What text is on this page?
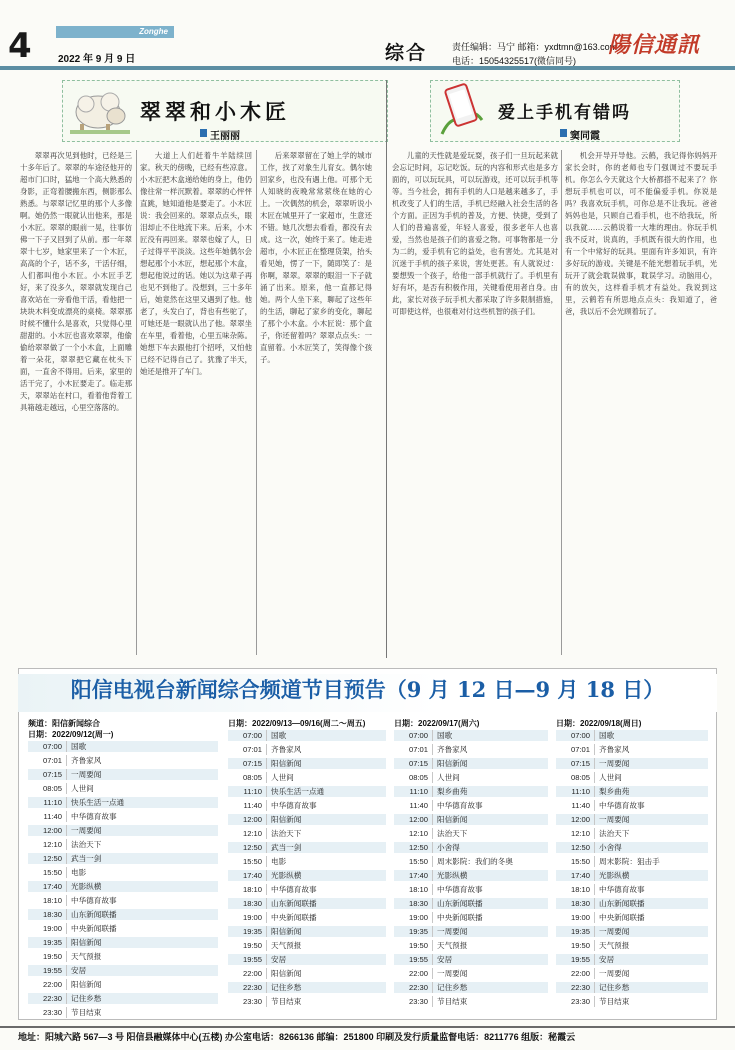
4	Zonghe
2022 年 9 月 9 日	综合	责任编辑：马宁 邮箱：yxdtmn@163.com
电话：15054325517(微信同号)
陽信通訊
翠翠和小木匠
王丽丽

翠翠再次见到他时，已经是三十多年后了。翠翠的车途径他开的超市门口时，猛地一个高大熟悉的身影，正弯着腰搬东西，侧影那么熟悉。与翠翠记忆里的那个人多像啊。她仍然一眼就认出他来，那是小木匠。翠翠的眼前一晃，往事仿佛一下子又回到了从前。那一年翠翠十七岁，她家里来了一个木匠，高高的个子，话不多，干活仔细，人们都叫他小木匠。小木匠手艺好，来了没多久，翠翠就发现自己喜欢站在一旁看他干活，看他把一块块木料变成漂亮的桌椅。翠翠那时候不懂什么是喜欢，只觉得心里甜甜的。小木匠也喜欢翠翠，他偷偷给翠翠做了一个小木盒，上面雕着一朵花，翠翠把它藏在枕头下面，一直舍不得用。后来，家里的活干完了，小木匠要走了。临走那天，翠翠站在村口，看着他背着工具箱越走越远，心里空落落的。

大道上人们赶着牛羊陆续回家。秋天的傍晚，已经有些凉意。小木匠把木盒递给她的身上，他仍像往常一样沉默着。翠翠的心怦怦直跳，她知道他是要走了。小木匠说：我会回来的。翠翠点点头，眼泪却止不住地流下来。后来，小木匠没有再回来。翠翠也嫁了人，日子过得平平淡淡。这些年她偶尔会想起那个小木匠，想起那个木盒，想起他说过的话。她以为这辈子再也见不到他了。没想到，三十多年后，她竟然在这里又遇到了他。他老了，头发白了，背也有些驼了，可她还是一眼就认出了他。翠翠坐在车里，看着他，心里五味杂陈。她想下车去跟他打个招呼，又怕他已经不记得自己了。犹豫了半天，她还是推开了车门。

后来翠翠留在了她上学的城市工作，找了对象生儿育女。偶尔她回家乡，也没有遇上他。可那个无人知晓的夜晚常常萦绕在她的心上。一次偶然的机会，翠翠听说小木匠在城里开了一家超市，生意还不错。她几次想去看看，都没有去成。这一次，她终于来了。她走进超市，小木匠正在整理货架，抬头看见她，愣了一下，随即笑了：是你啊，翠翠。翠翠的眼泪一下子就涌了出来。原来，他一直都记得她。两个人坐下来，聊起了这些年的生活，聊起了家乡的变化，聊起了那个小木盒。小木匠说：那个盒子，你还留着吗？翠翠点点头：一直留着。小木匠笑了，笑得像个孩子。

爱上手机有错吗
窦同霞

儿童的天性就是爱玩耍，孩子们一旦玩起来就会忘记时间，忘记吃饭。玩的内容和形式也是多方面的，可以玩玩具，可以玩游戏，还可以玩手机等等。当今社会，拥有手机的人口是越来越多了，手机改变了人们的生活，手机已经融入社会生活的各个方面。正因为手机的普及，方便、快捷，受到了人们的普遍喜爱，年轻人喜爱，很多老年人也喜爱，当然也是孩子们的喜爱之物。可事物都是一分为二的，爱手机有它的益处，也有害处。尤其是对沉迷于手机的孩子来说，害处更甚。有人就说过：要想毁一个孩子，给他一部手机就行了。手机里有好有坏，是否有积极作用，关键看使用者自身。由此，家长对孩子玩手机大都采取了许多限制措施，可即使这样，也很难对付这些机智的孩子们。

机会开导开导他。云鹤，我记得你妈妈开家长会时，你的老师也专门强调过不要玩手机。你怎么今天就这个大桥都搭不起来了？你想玩手机也可以，可不能偏爱手机。你说是吗？我喜欢玩手机，可你总是不让我玩。爸爸妈妈也是，只顾自己看手机，也不给我玩，所以我就……云鹤说着一大堆的理由。你玩手机我不反对，说真的，手机既有很大的作用，也有一个中常好的玩具。里面有许多知识，有许多好玩的游戏。关键是不能光想着玩手机，光玩开了就会耽误做事，耽误学习。动脑用心，有的放矢，这样看手机才有益处。我说到这里，云鹤若有所思地点点头：我知道了，爸爸，我以后不会光顾着玩了。

阳信电视台新闻综合频道节目预告（9 月 12 日—9 月 18 日）
频道：阳信新闻综合
日期：2022/09/12(周一)
日期：2022/09/13—09/16(周二～周五)	日期：2022/09/17(周六)	日期：2022/09/18(周日)
07:00 国歌
07:01 齐鲁家风
07:15 一周要闻
08:05 人世间
11:10 快乐生活一点通
11:40 中华德育故事
12:00 一周要闻
12:10 法治天下
12:50 武当一剑
15:50 电影
17:40 光影纵横
18:10 中华德育故事
18:30 山东新闻联播
19:00 中央新闻联播
19:35 阳信新闻
19:50 天气预报
19:55 安居
22:00 阳信新闻
22:30 记住乡愁
23:30 节目结束
07:00 国歌
07:01 齐鲁家风
07:15 阳信新闻
08:05 人世间
11:10 快乐生活一点通
11:40 中华德育故事
12:00 阳信新闻
12:10 法治天下
12:50 武当一剑
15:50 电影
17:40 光影纵横
18:10 中华德育故事
18:30 山东新闻联播
19:00 中央新闻联播
19:35 阳信新闻
19:50 天气预报
19:55 安居
22:00 阳信新闻
22:30 记住乡愁
23:30 节目结束
07:00 国歌
07:01 齐鲁家风
07:15 阳信新闻
08:05 人世间
11:10 梨乡曲苑
11:40 中华德育故事
12:00 阳信新闻
12:10 法治天下
12:50 小舍得
15:50 周末影院：我们的冬奥
17:40 光影纵横
18:10 中华德育故事
18:30 山东新闻联播
19:00 中央新闻联播
19:35 一周要闻
19:50 天气预报
19:55 安居
22:00 一周要闻
22:30 记住乡愁
23:30 节目结束
07:00 国歌
07:01 齐鲁家风
07:15 一周要闻
08:05 人世间
11:10 梨乡曲苑
11:40 中华德育故事
12:00 一周要闻
12:10 法治天下
12:50 小舍得
15:50 周末影院：狙击手
17:40 光影纵横
18:10 中华德育故事
18:30 山东新闻联播
19:00 中央新闻联播
19:35 一周要闻
19:50 天气预报
19:55 安居
22:00 一周要闻
22:30 记住乡愁
23:30 节目结束
地址：阳城六路 567—3 号 阳信县融媒体中心(五楼) 办公室电话：8266136 邮编：251800 印刷及发行质量监督电话：8211776 组版：秘霞云
